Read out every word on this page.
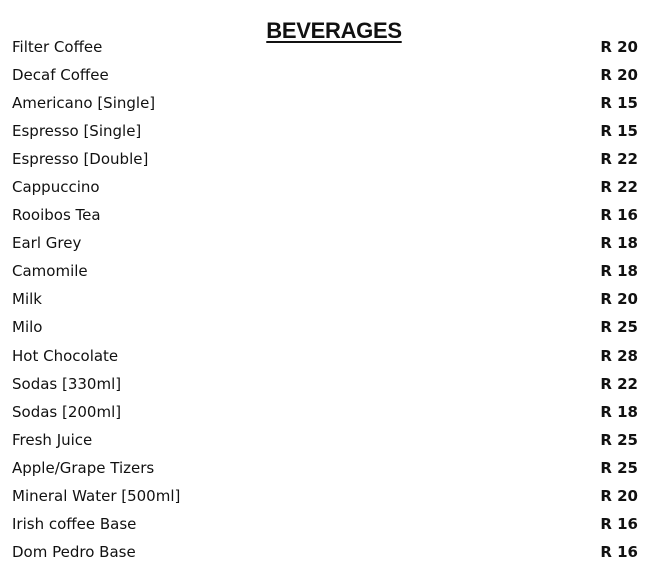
BEVERAGES
Filter Coffee	R 20
Decaf Coffee	R 20
Americano [Single]	R 15
Espresso [Single]	R 15
Espresso [Double]	R 22
Cappuccino	R 22
Rooibos Tea	R 16
Earl Grey	R 18
Camomile	R 18
Milk	R 20
Milo	R 25
Hot Chocolate	R 28
Sodas [330ml]	R 22
Sodas [200ml]	R 18
Fresh Juice	R 25
Apple/Grape Tizers	R 25
Mineral Water [500ml]	R 20
Irish coffee Base	R 16
Dom Pedro Base	R 16
